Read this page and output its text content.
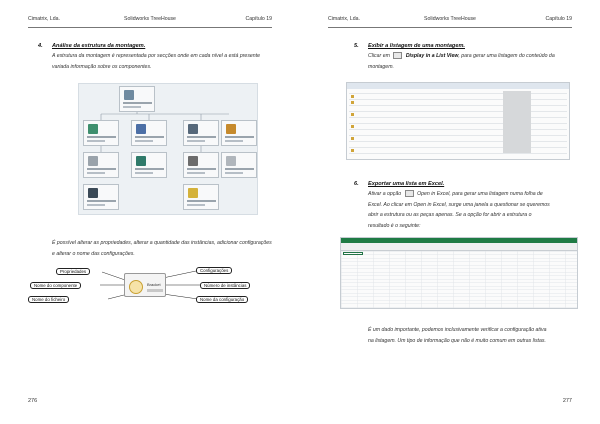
Cimatrix, Lda.	Solidworks TreeHouse	Capítulo 19
4. Análise da estrutura da montagem.
A estrutura da montagem é representada por secções onde em cada nível a está presente variada informação sobre os componentes.
É possível alterar as propriedades, alterar a quantidade das instâncias, adicionar configurações e alterar o nome das configurações.
Bracket
Propriedades
Nome do componente
Nome do ficheiro
Configurações
Número de instâncias
Nome da configuração
276
Cimatrix, Lda.	Solidworks TreeHouse	Capítulo 19
5. Exibir a listagem de uma montagem.
Clicar em	Display in a List View, para gerar uma listagem do conteúdo da
montagem.
6. Exportar uma lista em Excel.
Ativar a opção	Open in Excel, para gerar uma listagem numa folha de
Excel. Ao clicar em Open in Excel, surge uma janela a questionar se queremos
abrir a estrutura ou as peças apenas. Se a opção for abrir a estrutura o
resultado é o seguinte:
É um dado importante, podemos inclusivamente verificar a configuração ativa
na listagem. Um tipo de informação que não é muito comum em outras listas.
277
